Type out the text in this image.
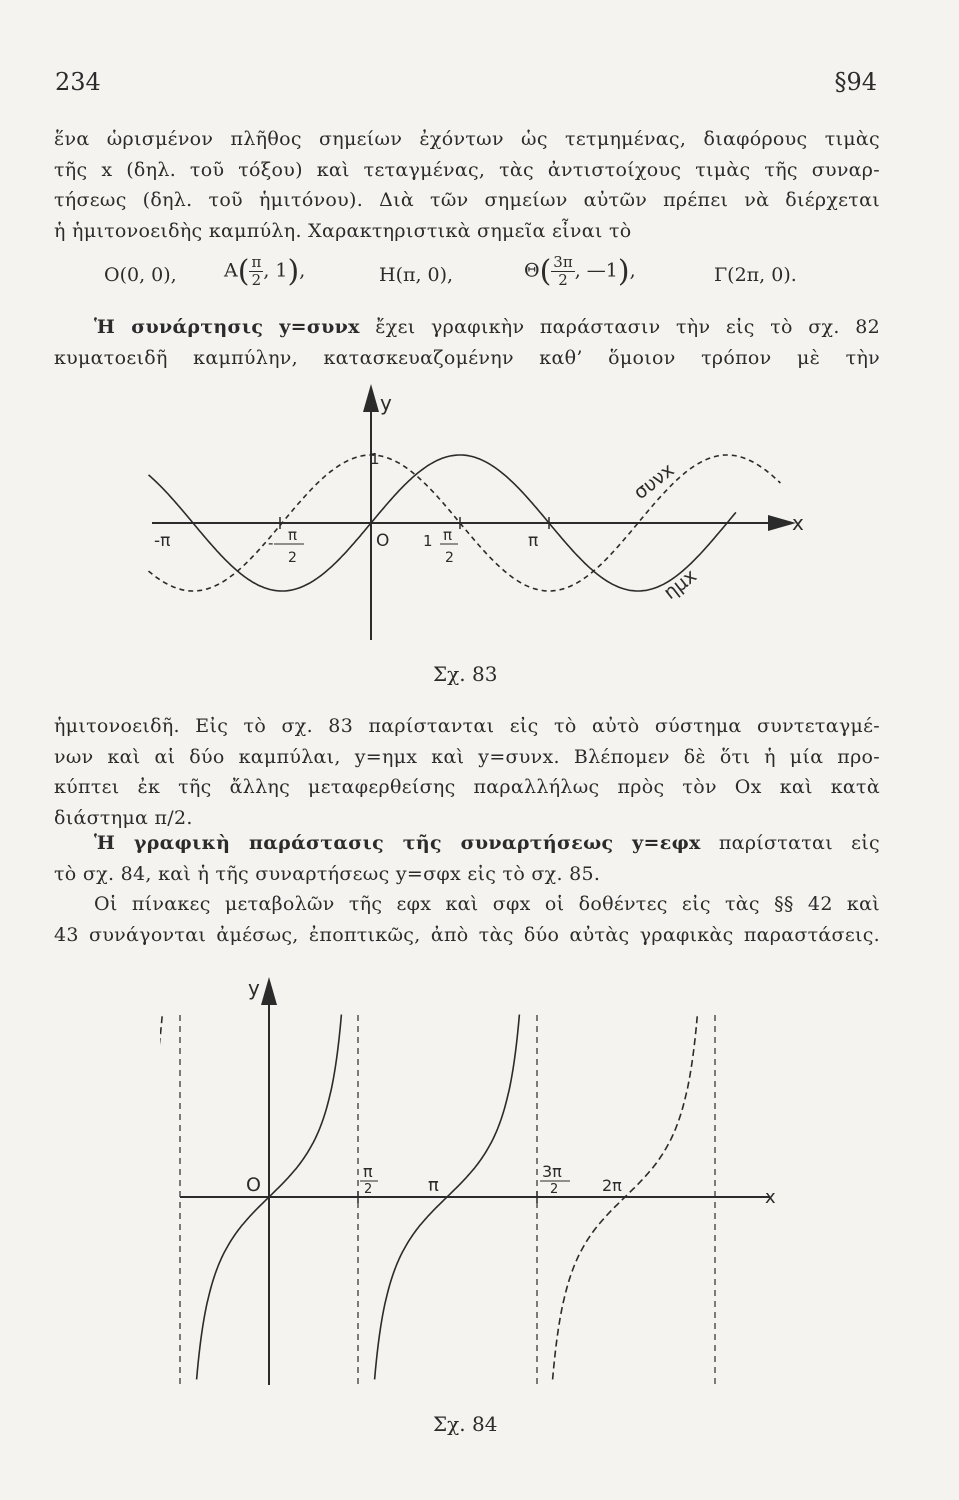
234	§94
ἕνα ὡρισμένον πλῆθος σημείων ἐχόντων ὡς τετμημένας, διαφόρους τιμὰς
τῆς x (δηλ. τοῦ τόξου) καὶ τεταγμένας, τὰς ἀντιστοίχους τιμὰς τῆς συναρ-
τήσεως (δηλ. τοῦ ἡμιτόνου). Διὰ τῶν σημείων αὐτῶν πρέπει νὰ διέρχεται
ἡ ἡμιτονοειδὴς καμπύλη. Χαρακτηριστικὰ σημεῖα εἶναι τὸ
O(0, 0), $A( \frac{\pi}{2}$ , 1),	H(π, 0),	$\Theta( \frac{3\pi}{2}$ , —1),	Γ(2π, 0).
Ἡ συνάρτησις y=συνx ἔχει γραφικὴν παράστασιν τὴν εἰς τὸ σχ. 82
κυματοειδῆ καμπύλην, κατασκευαζομένην καθ’ ὅμοιον τρόπον μὲ τὴν
y
x
1
O 1
-π	π
-
2
π
2
π
συνx
ημx
Σχ. 83
ἡμιτονοειδῆ. Εἰς τὸ σχ. 83 παρίστανται εἰς τὸ αὐτὸ σύστημα συντεταγμέ-
νων καὶ αἱ δύο καμπύλαι, y=ημx καὶ y=συνx. Βλέπομεν δὲ ὅτι ἡ μία προ-
κύπτει ἐκ τῆς ἄλλης μεταφερθείσης παραλλήλως πρὸς τὸν Ox καὶ κατὰ
διάστημα π/2.
Ἡ γραφικὴ παράστασις τῆς συναρτήσεως y=εφx παρίσταται εἰς
τὸ σχ. 84, καὶ ἡ τῆς συναρτήσεως y=σφx εἰς τὸ σχ. 85.
Οἱ πίνακες μεταβολῶν τῆς εφx καὶ σφx οἱ δοθέντες εἰς τὰς §§ 42 καὶ
43 συνάγονται ἀμέσως, ἐποπτικῶς, ἀπὸ τὰς δύο αὐτὰς γραφικὰς παραστάσεις.
y
x
O
π
2	π
3π
2	2π
Σχ. 84
